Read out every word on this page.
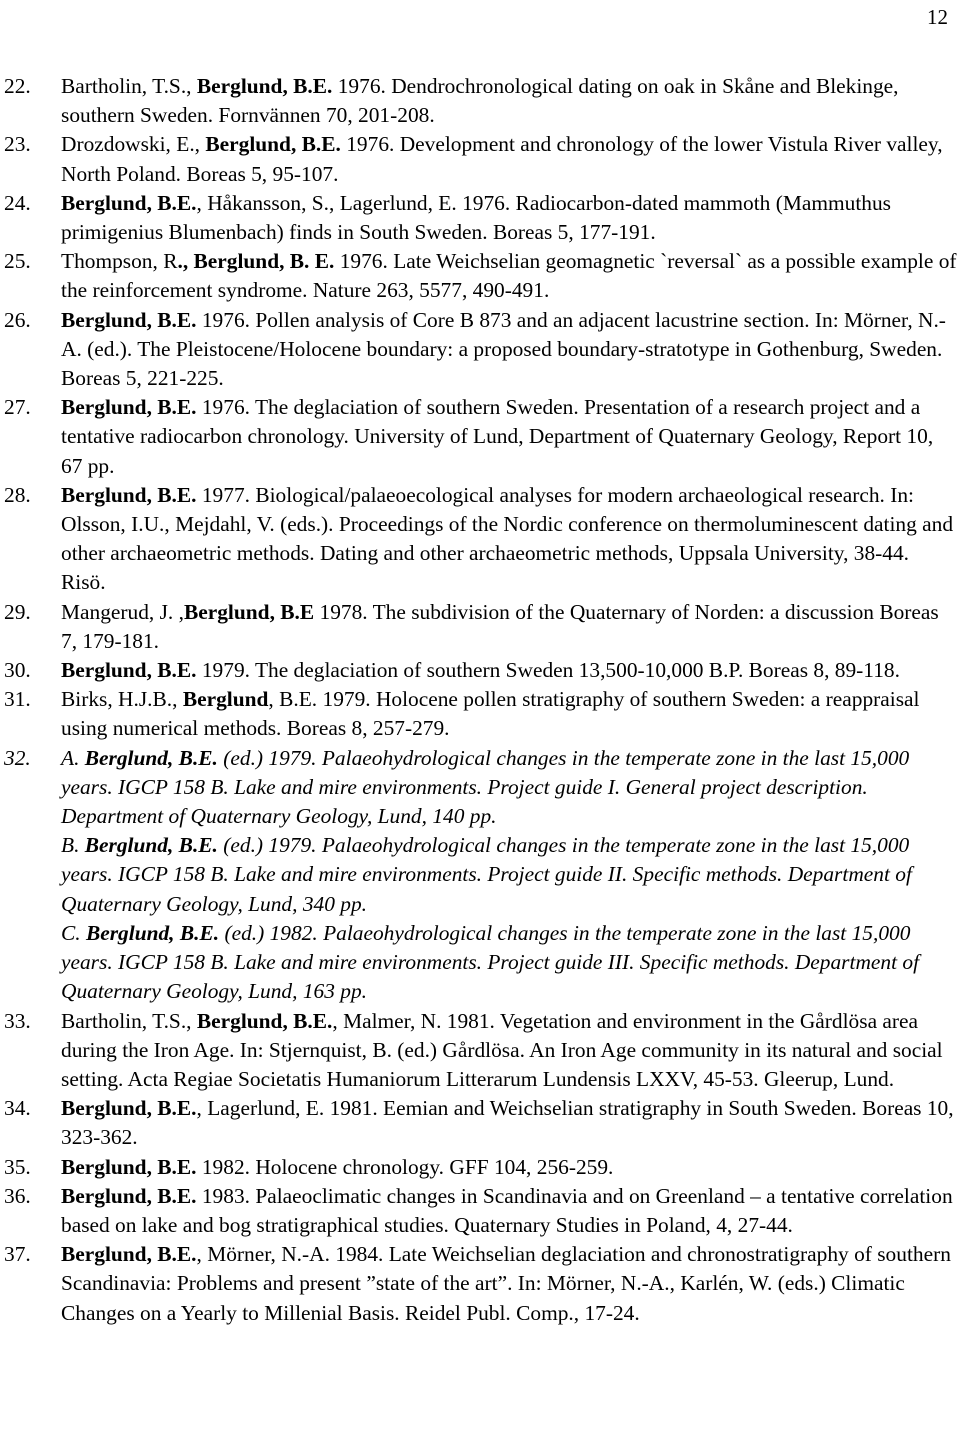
12
22.	Bartholin, T.S., Berglund, B.E. 1976. Dendrochronological dating on oak in Skåne and Blekinge, southern Sweden. Fornvännen 70, 201-208.
23.	Drozdowski, E., Berglund, B.E. 1976. Development and chronology of the lower Vistula River valley, North Poland. Boreas 5, 95-107.
24.	Berglund, B.E., Håkansson, S., Lagerlund, E. 1976. Radiocarbon-dated mammoth (Mammuthus primigenius Blumenbach) finds in South Sweden. Boreas 5, 177-191.
25.	Thompson, R., Berglund, B. E. 1976. Late Weichselian geomagnetic `reversal` as a possible example of the reinforcement syndrome. Nature 263, 5577, 490-491.
26.	Berglund, B.E. 1976. Pollen analysis of Core B 873 and an adjacent lacustrine section. In: Mörner, N.-A. (ed.). The Pleistocene/Holocene boundary: a proposed boundary-stratotype in Gothenburg, Sweden. Boreas 5, 221-225.
27.	Berglund, B.E. 1976. The deglaciation of southern Sweden. Presentation of a research project and a tentative radiocarbon chronology. University of Lund, Department of Quaternary Geology, Report 10, 67 pp.
28.	Berglund, B.E. 1977. Biological/palaeoecological analyses for modern archaeological research. In: Olsson, I.U., Mejdahl, V. (eds.). Proceedings of the Nordic conference on thermoluminescent dating and other archaeometric methods. Dating and other archaeometric methods, Uppsala University, 38-44. Risö.
29.	Mangerud, J. ,Berglund, B.E 1978. The subdivision of the Quaternary of Norden: a discussion Boreas 7, 179-181.
30.	Berglund, B.E. 1979. The deglaciation of southern Sweden 13,500-10,000 B.P. Boreas 8, 89-118.
31.	Birks, H.J.B., Berglund, B.E. 1979. Holocene pollen stratigraphy of southern Sweden: a reappraisal using numerical methods. Boreas 8, 257-279.
32.	A. Berglund, B.E. (ed.) 1979. Palaeohydrological changes in the temperate zone in the last 15,000 years. IGCP 158 B. Lake and mire environments. Project guide I. General project description. Department of Quaternary Geology, Lund, 140 pp.
B. Berglund, B.E. (ed.) 1979. Palaeohydrological changes in the temperate zone in the last 15,000 years. IGCP 158 B. Lake and mire environments. Project guide II. Specific methods. Department of Quaternary Geology, Lund, 340 pp.
C. Berglund, B.E. (ed.) 1982. Palaeohydrological changes in the temperate zone in the last 15,000 years. IGCP 158 B. Lake and mire environments. Project guide III. Specific methods. Department of Quaternary Geology, Lund, 163 pp.
33.	Bartholin, T.S., Berglund, B.E., Malmer, N. 1981. Vegetation and environment in the Gårdlösa area during the Iron Age. In: Stjernquist, B. (ed.) Gårdlösa. An Iron Age community in its natural and social setting. Acta Regiae Societatis Humaniorum Litterarum Lundensis LXXV, 45-53. Gleerup, Lund.
34.	Berglund, B.E., Lagerlund, E. 1981. Eemian and Weichselian stratigraphy in South Sweden. Boreas 10, 323-362.
35.	Berglund, B.E. 1982. Holocene chronology. GFF 104, 256-259.
36.	Berglund, B.E. 1983. Palaeoclimatic changes in Scandinavia and on Greenland – a tentative correlation based on lake and bog stratigraphical studies. Quaternary Studies in Poland, 4, 27-44.
37.	Berglund, B.E., Mörner, N.-A. 1984. Late Weichselian deglaciation and chronostratigraphy of southern Scandinavia: Problems and present ”state of the art”. In: Mörner, N.-A., Karlén, W. (eds.) Climatic Changes on a Yearly to Millenial Basis. Reidel Publ. Comp., 17-24.
